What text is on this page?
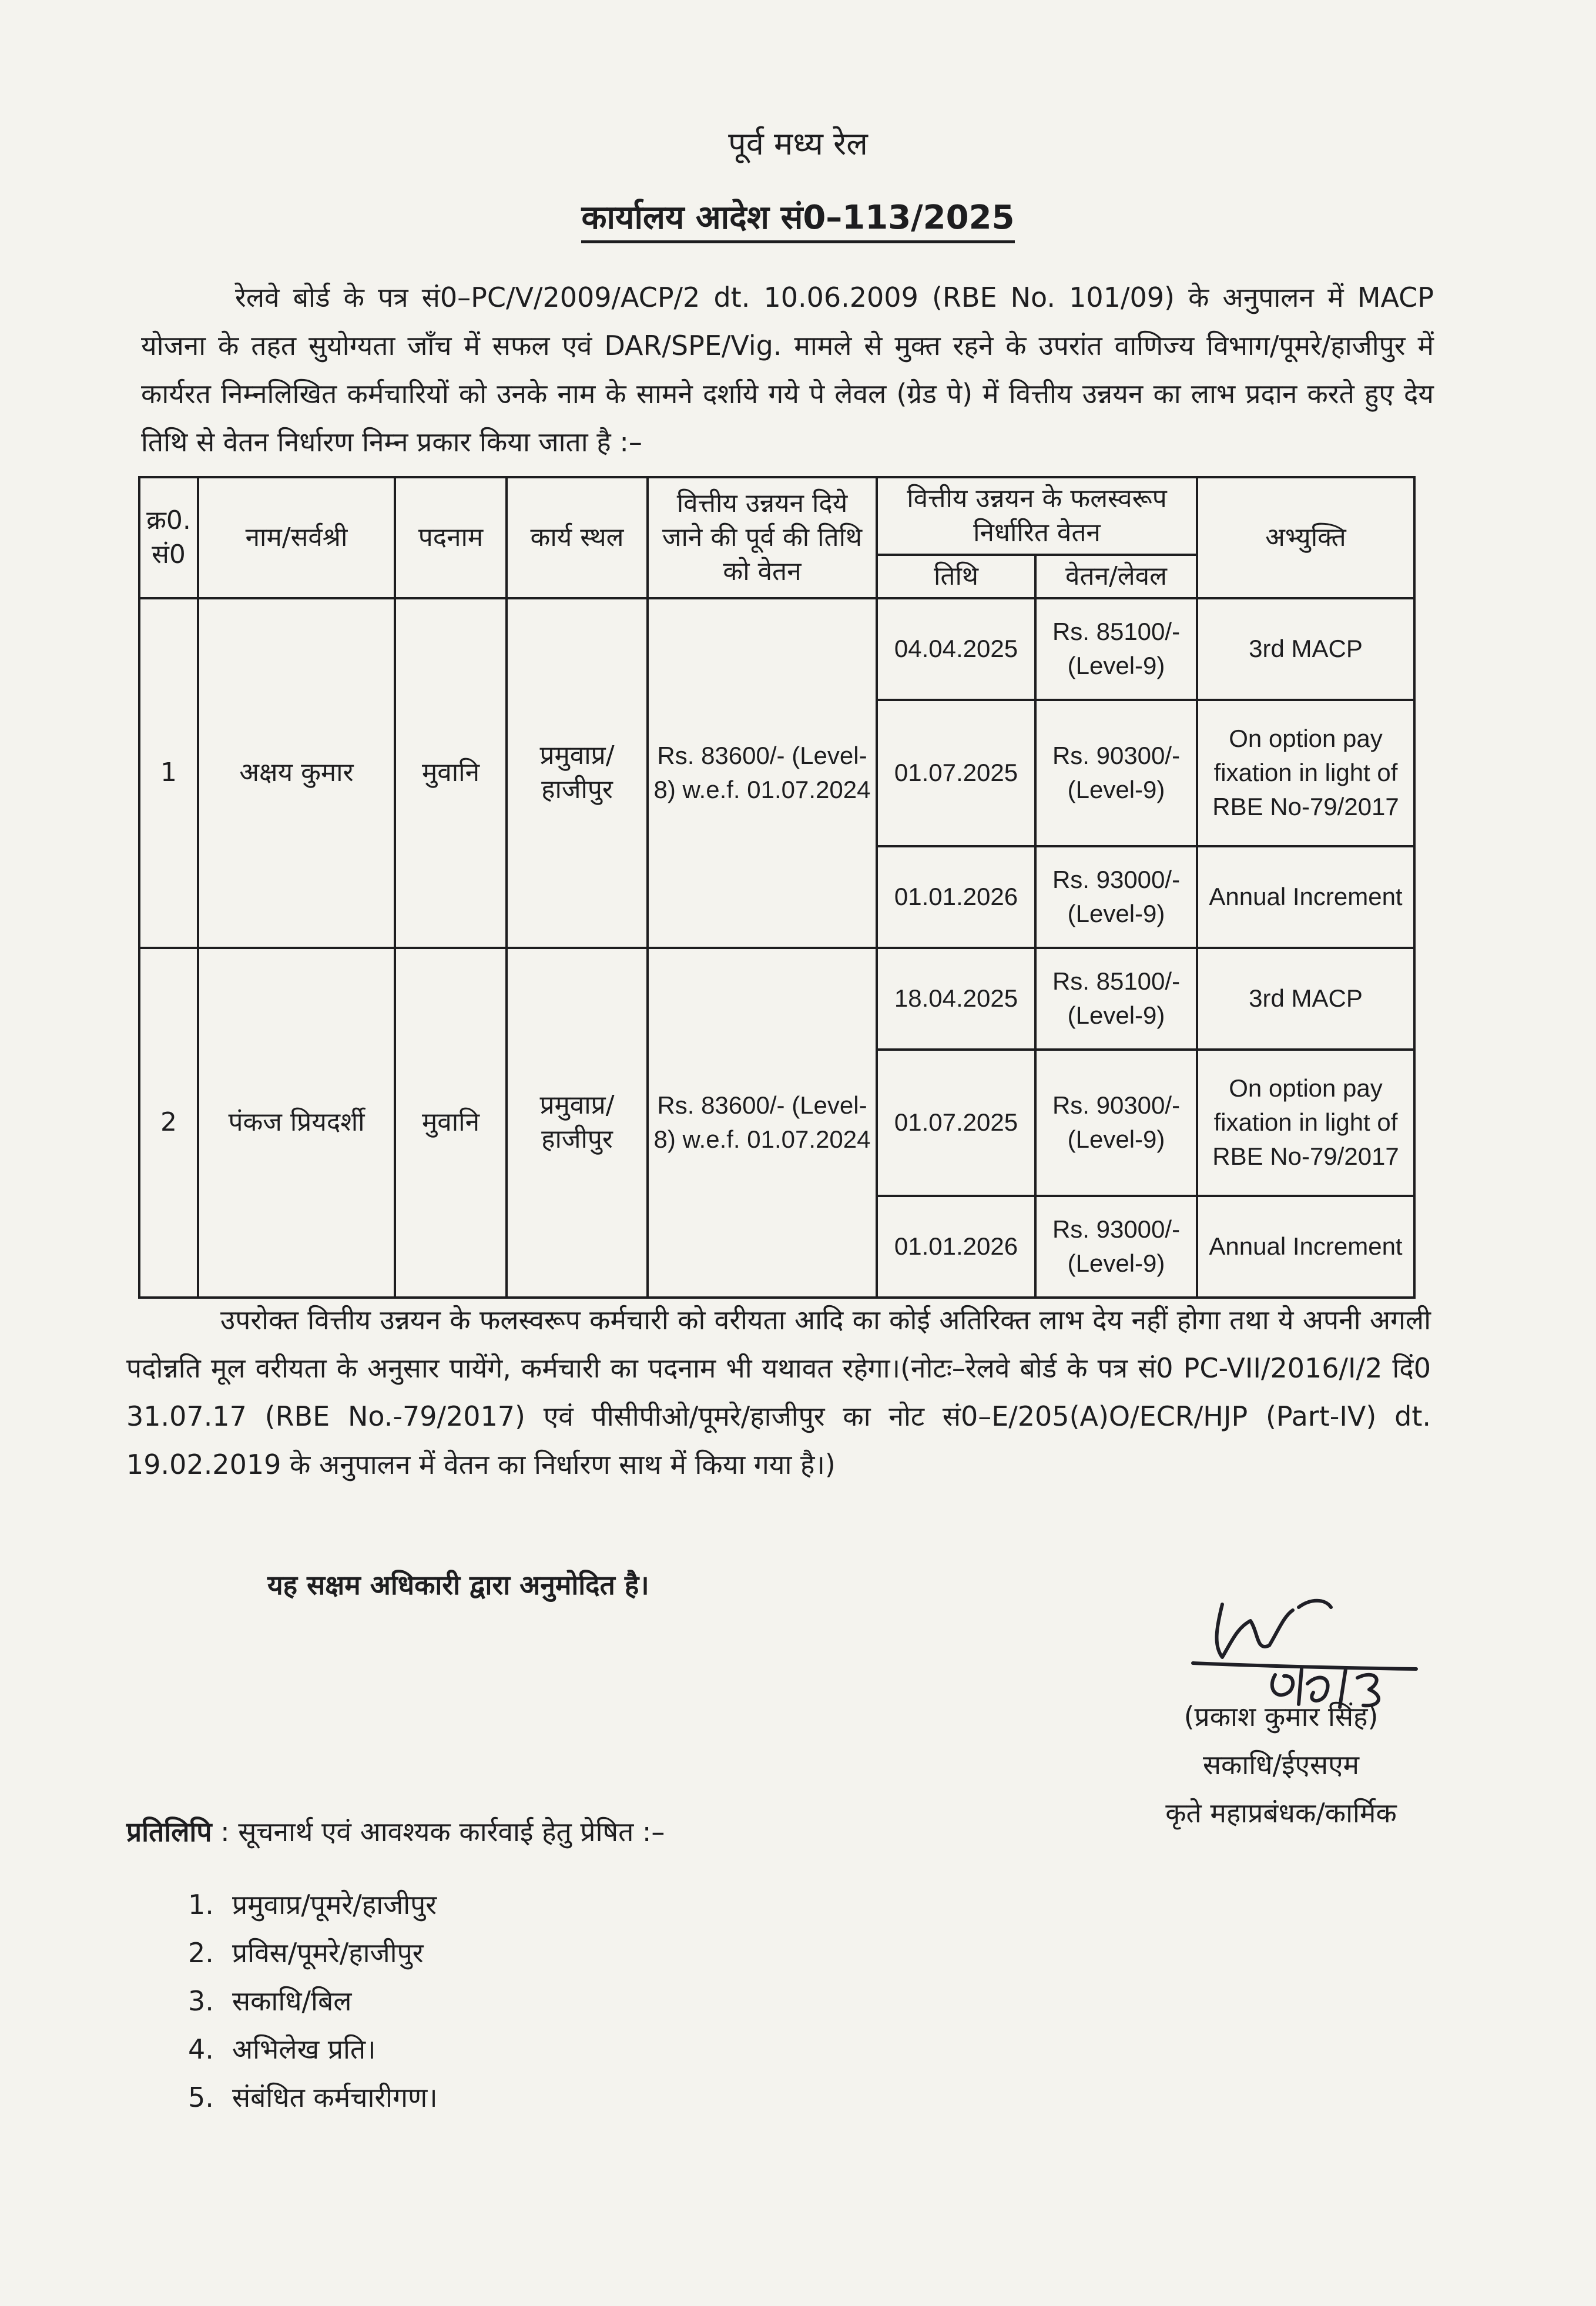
पूर्व मध्य रेल
कार्यालय आदेश सं0–113/2025

रेलवे बोर्ड के पत्र सं0–PC/V/2009/ACP/2 dt. 10.06.2009 (RBE No. 101/09) के अनुपालन में MACP योजना के तहत सुयोग्यता जाँच में सफल एवं DAR/SPE/Vig. मामले से मुक्त रहने के उपरांत वाणिज्य विभाग/पूमरे/हाजीपुर में कार्यरत निम्नलिखित कर्मचारियों को उनके नाम के सामने दर्शाये गये पे लेवल (ग्रेड पे) में वित्तीय उन्नयन का लाभ प्रदान करते हुए देय तिथि से वेतन निर्धारण निम्न प्रकार किया जाता है :–

क्र0. सं0	नाम/सर्वश्री	पदनाम	कार्य स्थल	वित्तीय उन्नयन दिये जाने की पूर्व की तिथि को वेतन	वित्तीय उन्नयन के फलस्वरूप निर्धारित वेतन		अभ्युक्ति
					तिथि	वेतन/लेवल	
1	अक्षय कुमार	मुवानि	प्रमुवाप्र/ हाजीपुर	Rs. 83600/- (Level-8) w.e.f. 01.07.2024	04.04.2025	Rs. 85100/- (Level-9)	3rd MACP
					01.07.2025	Rs. 90300/- (Level-9)	On option pay fixation in light of RBE No-79/2017
					01.01.2026	Rs. 93000/- (Level-9)	Annual Increment
2	पंकज प्रियदर्शी	मुवानि	प्रमुवाप्र/ हाजीपुर	Rs. 83600/- (Level-8) w.e.f. 01.07.2024	18.04.2025	Rs. 85100/- (Level-9)	3rd MACP
					01.07.2025	Rs. 90300/- (Level-9)	On option pay fixation in light of RBE No-79/2017
					01.01.2026	Rs. 93000/- (Level-9)	Annual Increment

उपरोक्त वित्तीय उन्नयन के फलस्वरूप कर्मचारी को वरीयता आदि का कोई अतिरिक्त लाभ देय नहीं होगा तथा ये अपनी अगली पदोन्नति मूल वरीयता के अनुसार पायेंगे, कर्मचारी का पदनाम भी यथावत रहेगा।(नोटः–रेलवे बोर्ड के पत्र सं0 PC-VII/2016/I/2 दिं0 31.07.17 (RBE No.-79/2017) एवं पीसीपीओ/पूमरे/हाजीपुर का नोट सं0–E/205(A)O/ECR/HJP (Part-IV) dt. 19.02.2019 के अनुपालन में वेतन का निर्धारण साथ में किया गया है।)

यह सक्षम अधिकारी द्वारा अनुमोदित है।
(प्रकाश कुमार सिंह)
सकाधि/ईएसएम
कृते महाप्रबंधक/कार्मिक
प्रतिलिपि : सूचनार्थ एवं आवश्यक कार्रवाई हेतु प्रेषित :–
1. प्रमुवाप्र/पूमरे/हाजीपुर
2. प्रविस/पूमरे/हाजीपुर
3. सकाधि/बिल
4. अभिलेख प्रति।
5. संबंधित कर्मचारीगण।
